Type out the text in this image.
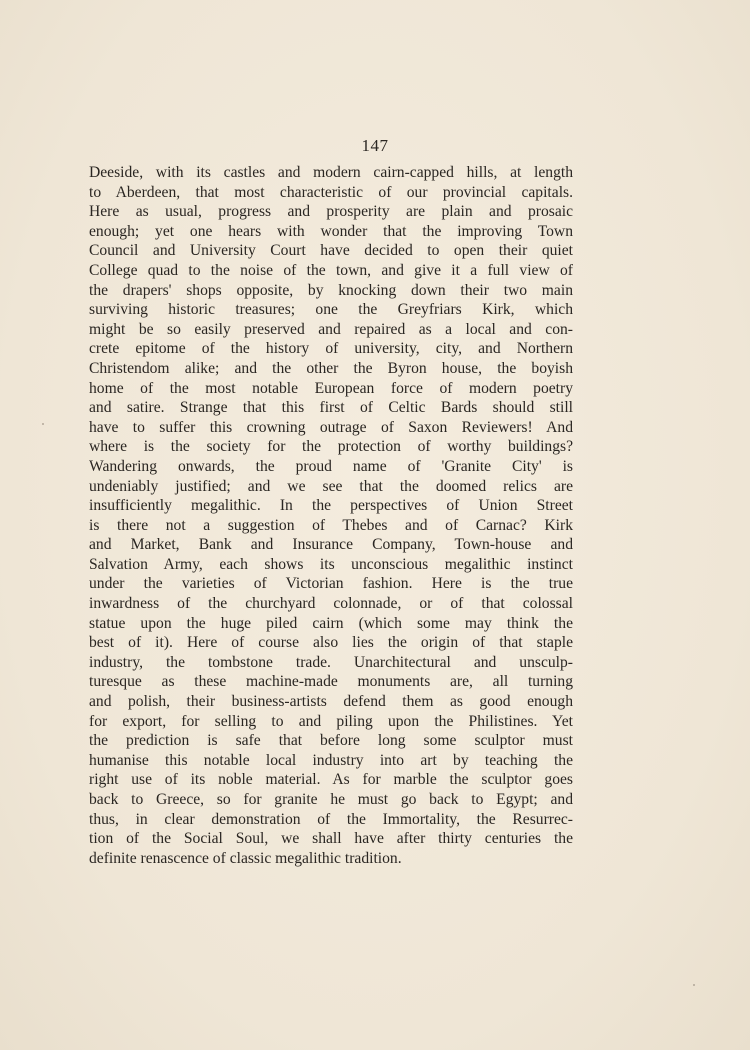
147
Deeside, with its castles and modern cairn-capped hills, at length
to Aberdeen, that most characteristic of our provincial capitals.
Here as usual, progress and prosperity are plain and prosaic
enough; yet one hears with wonder that the improving Town
Council and University Court have decided to open their quiet
College quad to the noise of the town, and give it a full view of
the drapers' shops opposite, by knocking down their two main
surviving historic treasures; one the Greyfriars Kirk, which
might be so easily preserved and repaired as a local and con-
crete epitome of the history of university, city, and Northern
Christendom alike; and the other the Byron house, the boyish
home of the most notable European force of modern poetry
and satire. Strange that this first of Celtic Bards should still
have to suffer this crowning outrage of Saxon Reviewers! And
where is the society for the protection of worthy buildings?
Wandering onwards, the proud name of 'Granite City' is
undeniably justified; and we see that the doomed relics are
insufficiently megalithic. In the perspectives of Union Street
is there not a suggestion of Thebes and of Carnac? Kirk
and Market, Bank and Insurance Company, Town-house and
Salvation Army, each shows its unconscious megalithic instinct
under the varieties of Victorian fashion. Here is the true
inwardness of the churchyard colonnade, or of that colossal
statue upon the huge piled cairn (which some may think the
best of it). Here of course also lies the origin of that staple
industry, the tombstone trade. Unarchitectural and unsculp-
turesque as these machine-made monuments are, all turning
and polish, their business-artists defend them as good enough
for export, for selling to and piling upon the Philistines. Yet
the prediction is safe that before long some sculptor must
humanise this notable local industry into art by teaching the
right use of its noble material. As for marble the sculptor goes
back to Greece, so for granite he must go back to Egypt; and
thus, in clear demonstration of the Immortality, the Resurrec-
tion of the Social Soul, we shall have after thirty centuries the
definite renascence of classic megalithic tradition.
